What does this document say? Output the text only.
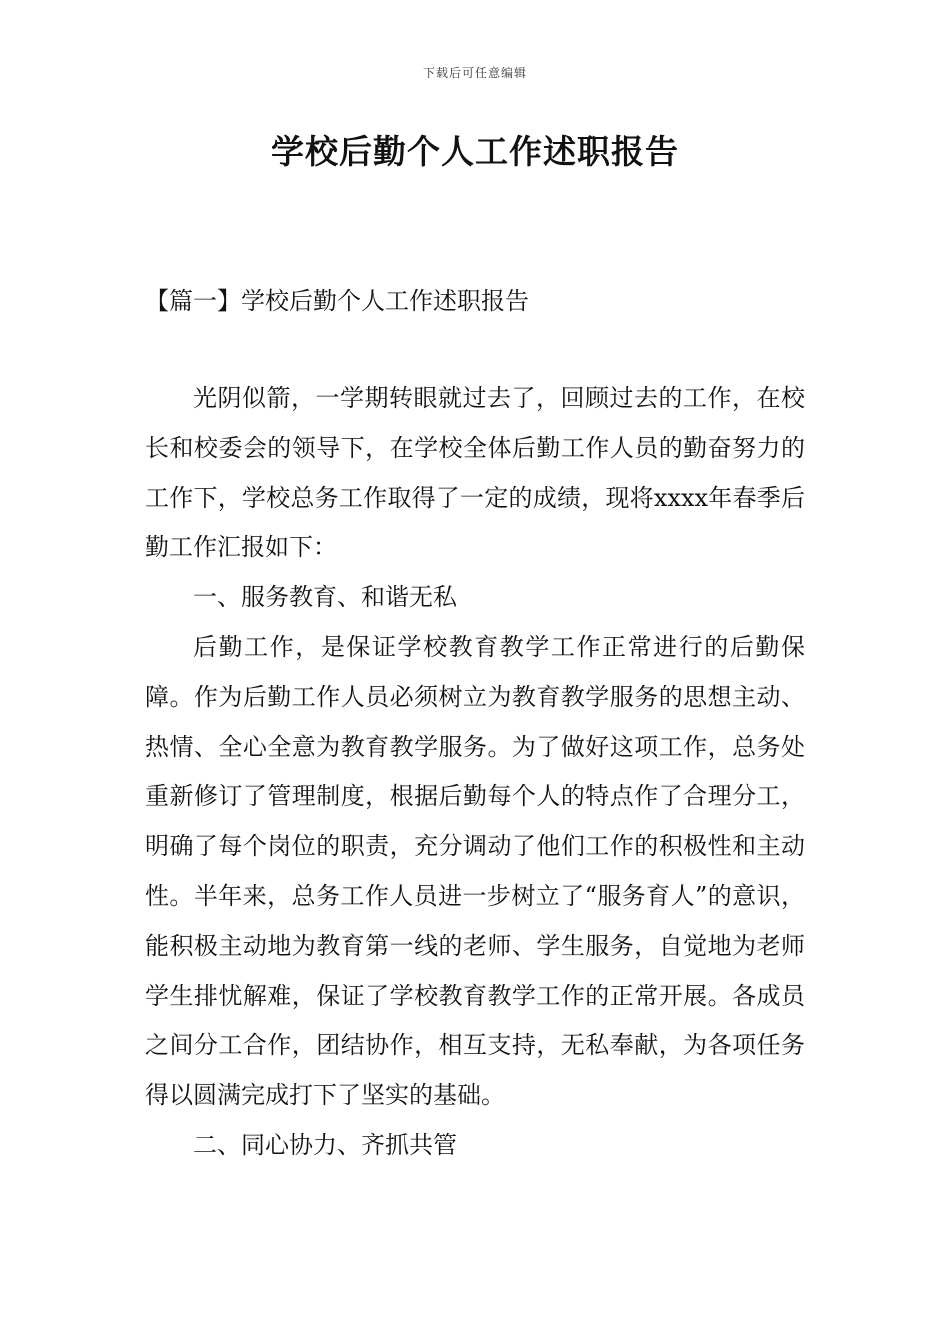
下载后可任意编辑
学校后勤个人工作述职报告
【篇一】学校后勤个人工作述职报告

光阴似箭，一学期转眼就过去了，回顾过去的工作，在校长和校委会的领导下，在学校全体后勤工作人员的勤奋努力的工作下，学校总务工作取得了一定的成绩，现将xxxx年春季后勤工作汇报如下：

一、服务教育、和谐无私

后勤工作，是保证学校教育教学工作正常进行的后勤保障。作为后勤工作人员必须树立为教育教学服务的思想主动、热情、全心全意为教育教学服务。为了做好这项工作，总务处重新修订了管理制度，根据后勤每个人的特点作了合理分工，明确了每个岗位的职责，充分调动了他们工作的积极性和主动性。半年来，总务工作人员进一步树立了“服务育人”的意识，能积极主动地为教育第一线的老师、学生服务，自觉地为老师学生排忧解难，保证了学校教育教学工作的正常开展。各成员之间分工合作，团结协作，相互支持，无私奉献，为各项任务得以圆满完成打下了坚实的基础。

二、同心协力、齐抓共管
